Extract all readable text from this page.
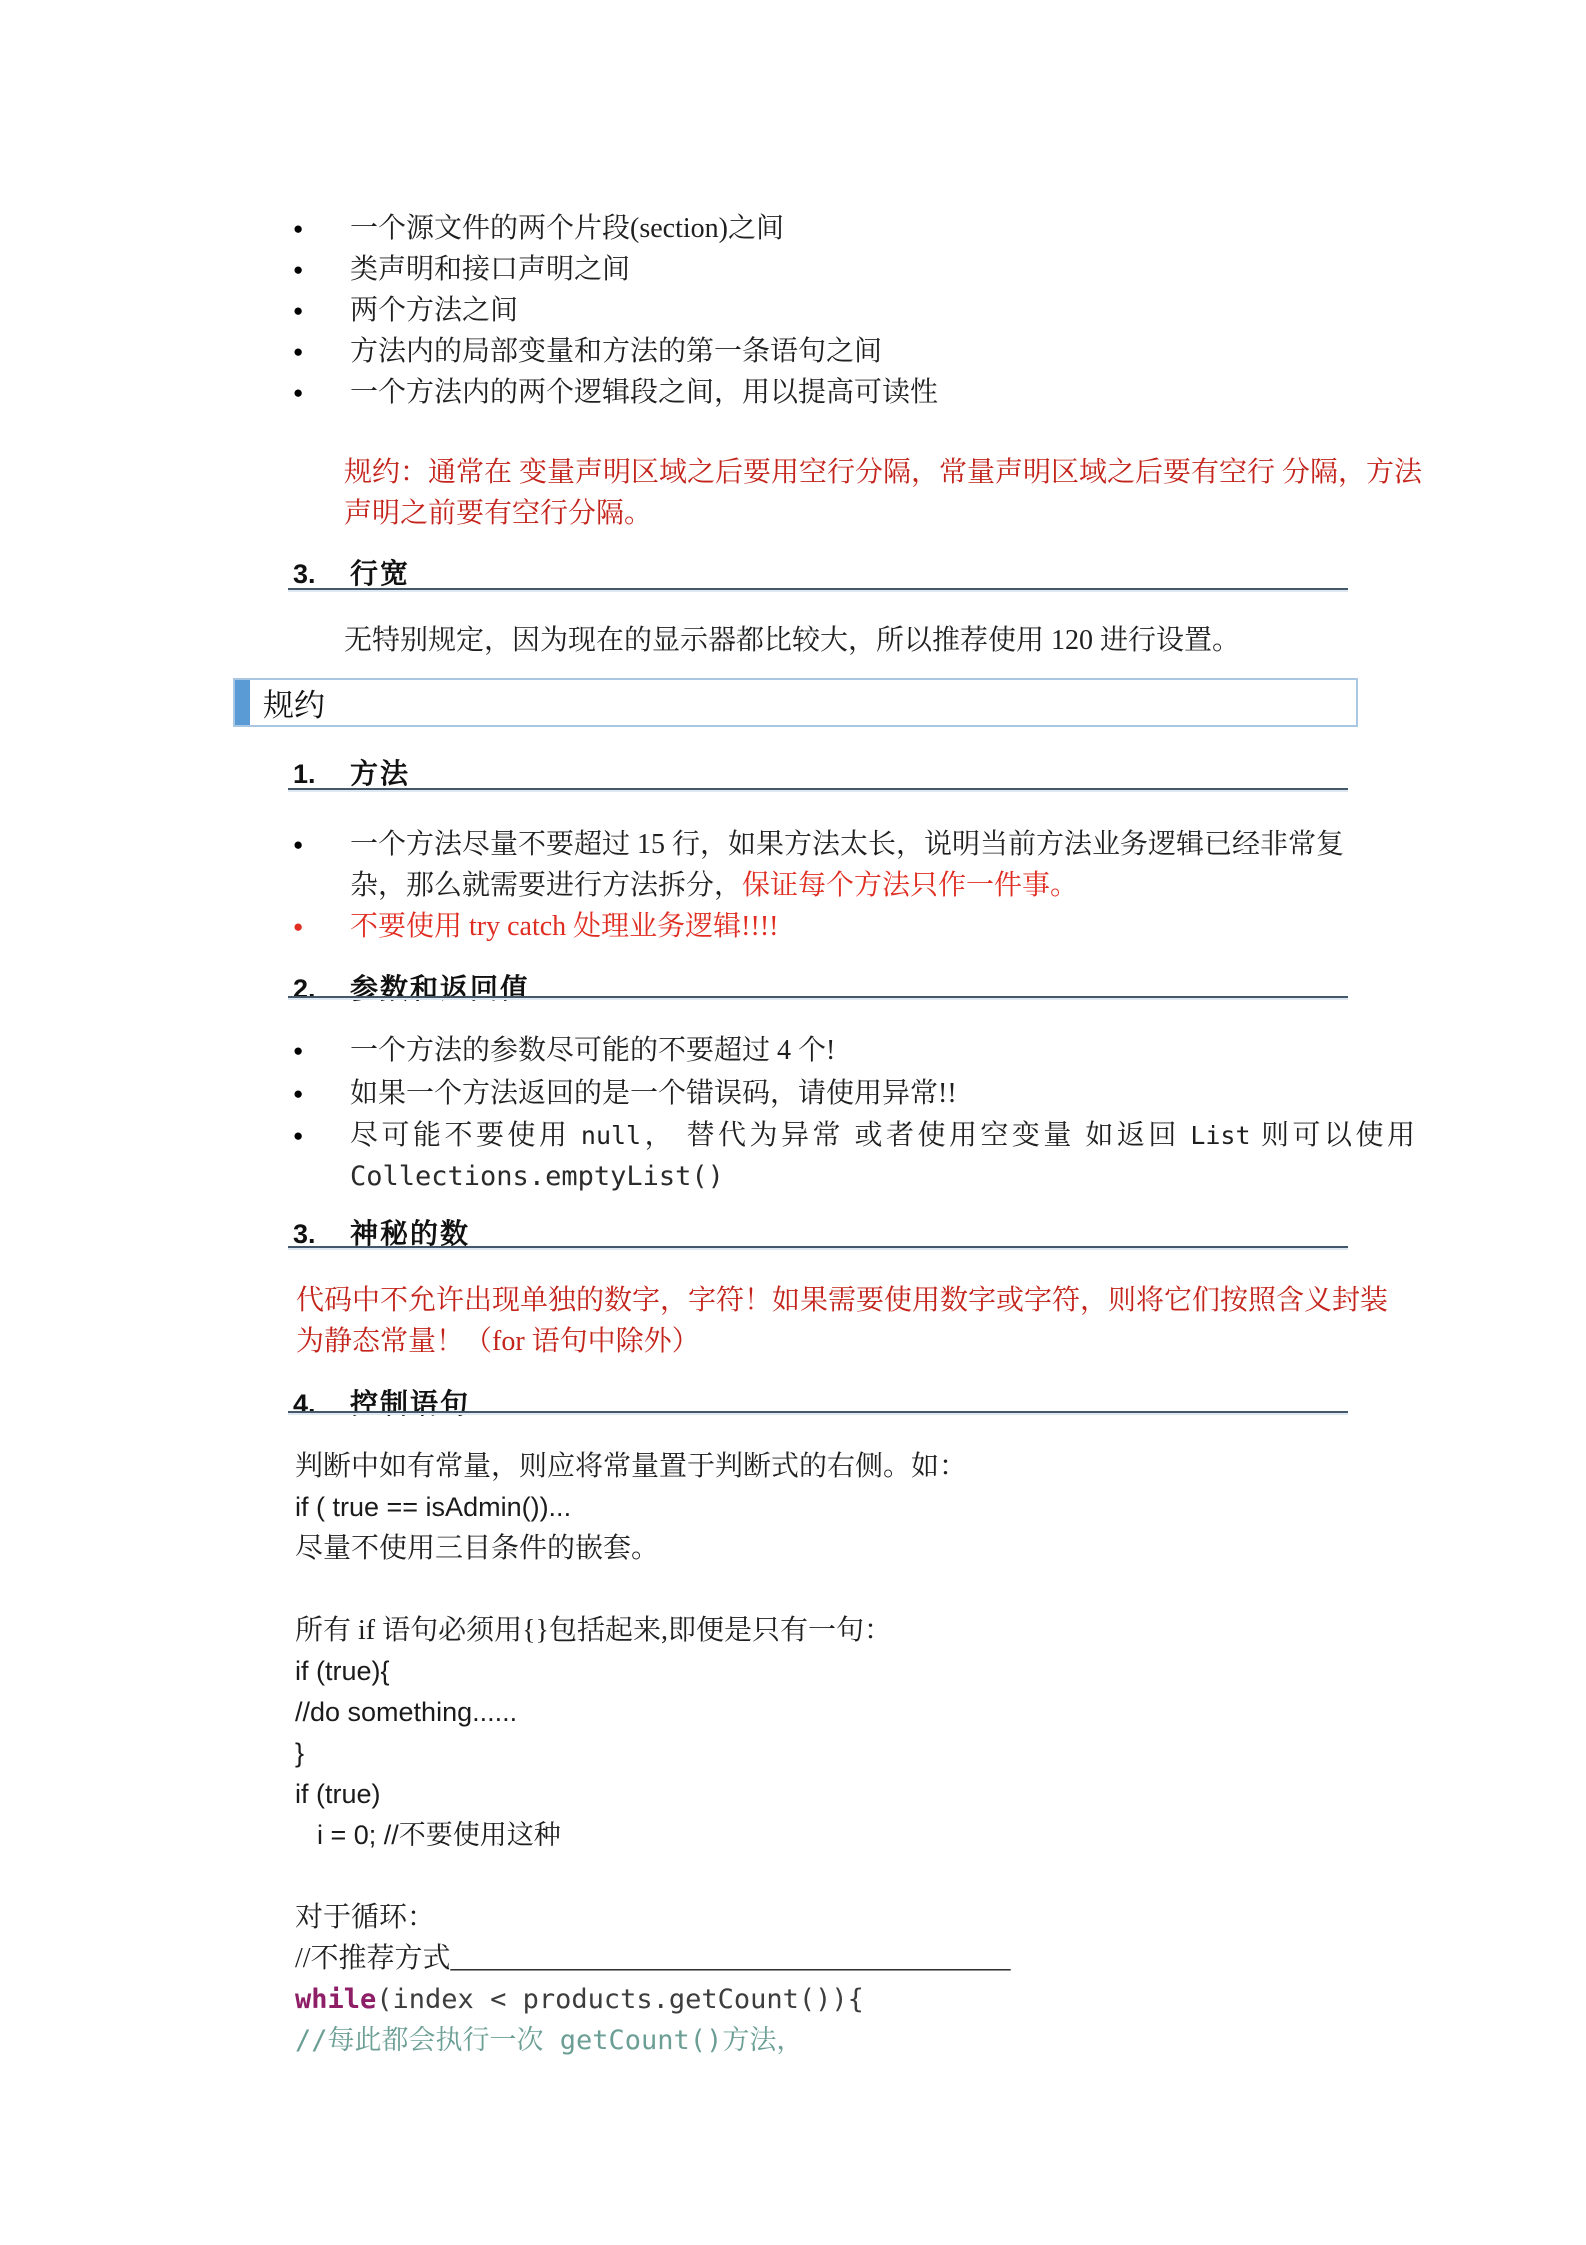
●	一个源文件的两个片段(section)之间
●	类声明和接口声明之间
●	两个方法之间
●	方法内的局部变量和方法的第一条语句之间
●	一个方法内的两个逻辑段之间，用以提高可读性
规约：通常在 变量声明区域之后要用空行分隔，常量声明区域之后要有空行 分隔，方法声明之前要有空行分隔。
3.	行宽
无特别规定，因为现在的显示器都比较大，所以推荐使用 120 进行设置。
规约
1.	方法
●	一个方法尽量不要超过 15 行，如果方法太长，说明当前方法业务逻辑已经非常复杂，那么就需要进行方法拆分，保证每个方法只作一件事。
●	不要使用 try catch 处理业务逻辑!!!!
2.	参数和返回值
●	一个方法的参数尽可能的不要超过 4 个!
●	如果一个方法返回的是一个错误码，请使用异常!!
●	尽可能不要使用 null， 替代为异常 或者使用空变量 如返回 List 则可以使用
Collections.emptyList()
3.	神秘的数
代码中不允许出现单独的数字，字符！如果需要使用数字或字符，则将它们按照含义封装为静态常量！（for 语句中除外）
4.	控制语句
判断中如有常量，则应将常量置于判断式的右侧。如：
if ( true == isAdmin())...
尽量不使用三目条件的嵌套。
所有 if 语句必须用{}包括起来,即便是只有一句：
if (true){
//do something......
}
if (true)
i = 0; //不要使用这种
对于循环：
//不推荐方式________________________________________
while(index < products.getCount()){
//每此都会执行一次 getCount()方法，
